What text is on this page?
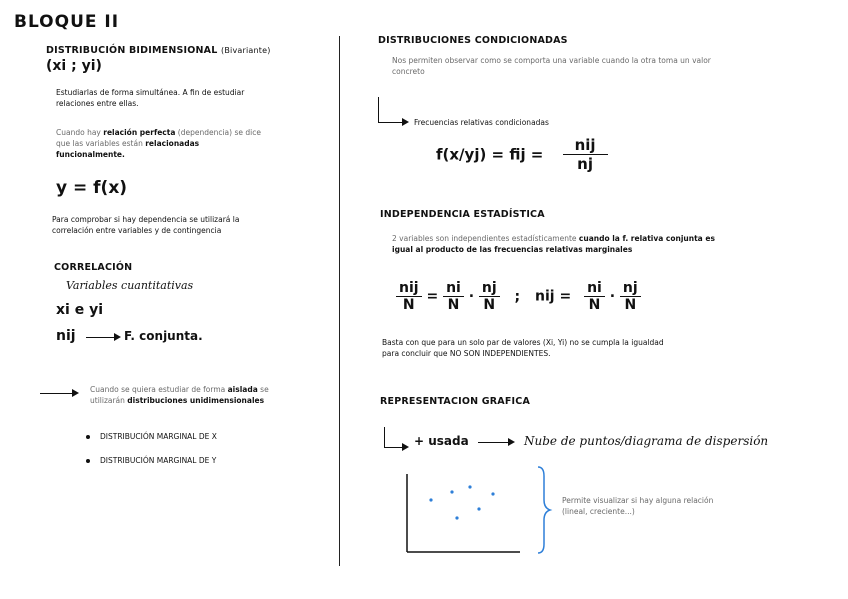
BLOQUE II
DISTRIBUCIÓN BIDIMENSIONAL (Bivariante)
(xi ; yi)
Estudiarlas de forma simultánea. A fin de estudiar relaciones entre ellas.
Cuando hay relación perfecta (dependencia) se dice que las variables están relacionadas funcionalmente.
y = f(x)
Para comprobar si hay dependencia se utilizará la correlación entre variables y de contingencia
CORRELACIÓN
Variables cuantitativas
xi e yi
nij	F. conjunta.
Cuando se quiera estudiar de forma aislada se utilizarán distribuciones unidimensionales
DISTRIBUCIÓN MARGINAL DE X
DISTRIBUCIÓN MARGINAL DE Y
DISTRIBUCIONES CONDICIONADAS
Nos permiten observar como se comporta una variable cuando la otra toma un valor concreto
Frecuencias relativas condicionadas
f(x/yj) = fij = $\frac{\text{nij}}{nj}$
INDEPENDENCIA ESTADÍSTICA
2 variables son independientes estadísticamente cuando la f. relativa conjunta es igual al producto de las frecuencias relativas marginales
$\frac{\text{nij}}{N} = \frac{ni}{N} \cdot \frac{nj}{N}$ ; nij = $\frac{ni}{N} \cdot \frac{nj}{N}$
Basta con que para un solo par de valores (Xi, Yi) no se cumpla la igualdad para concluir que NO SON INDEPENDIENTES.
REPRESENTACION GRAFICA
+ usada	Nube de puntos/diagrama de dispersión
Permite visualizar si hay alguna relación (lineal, creciente...)
